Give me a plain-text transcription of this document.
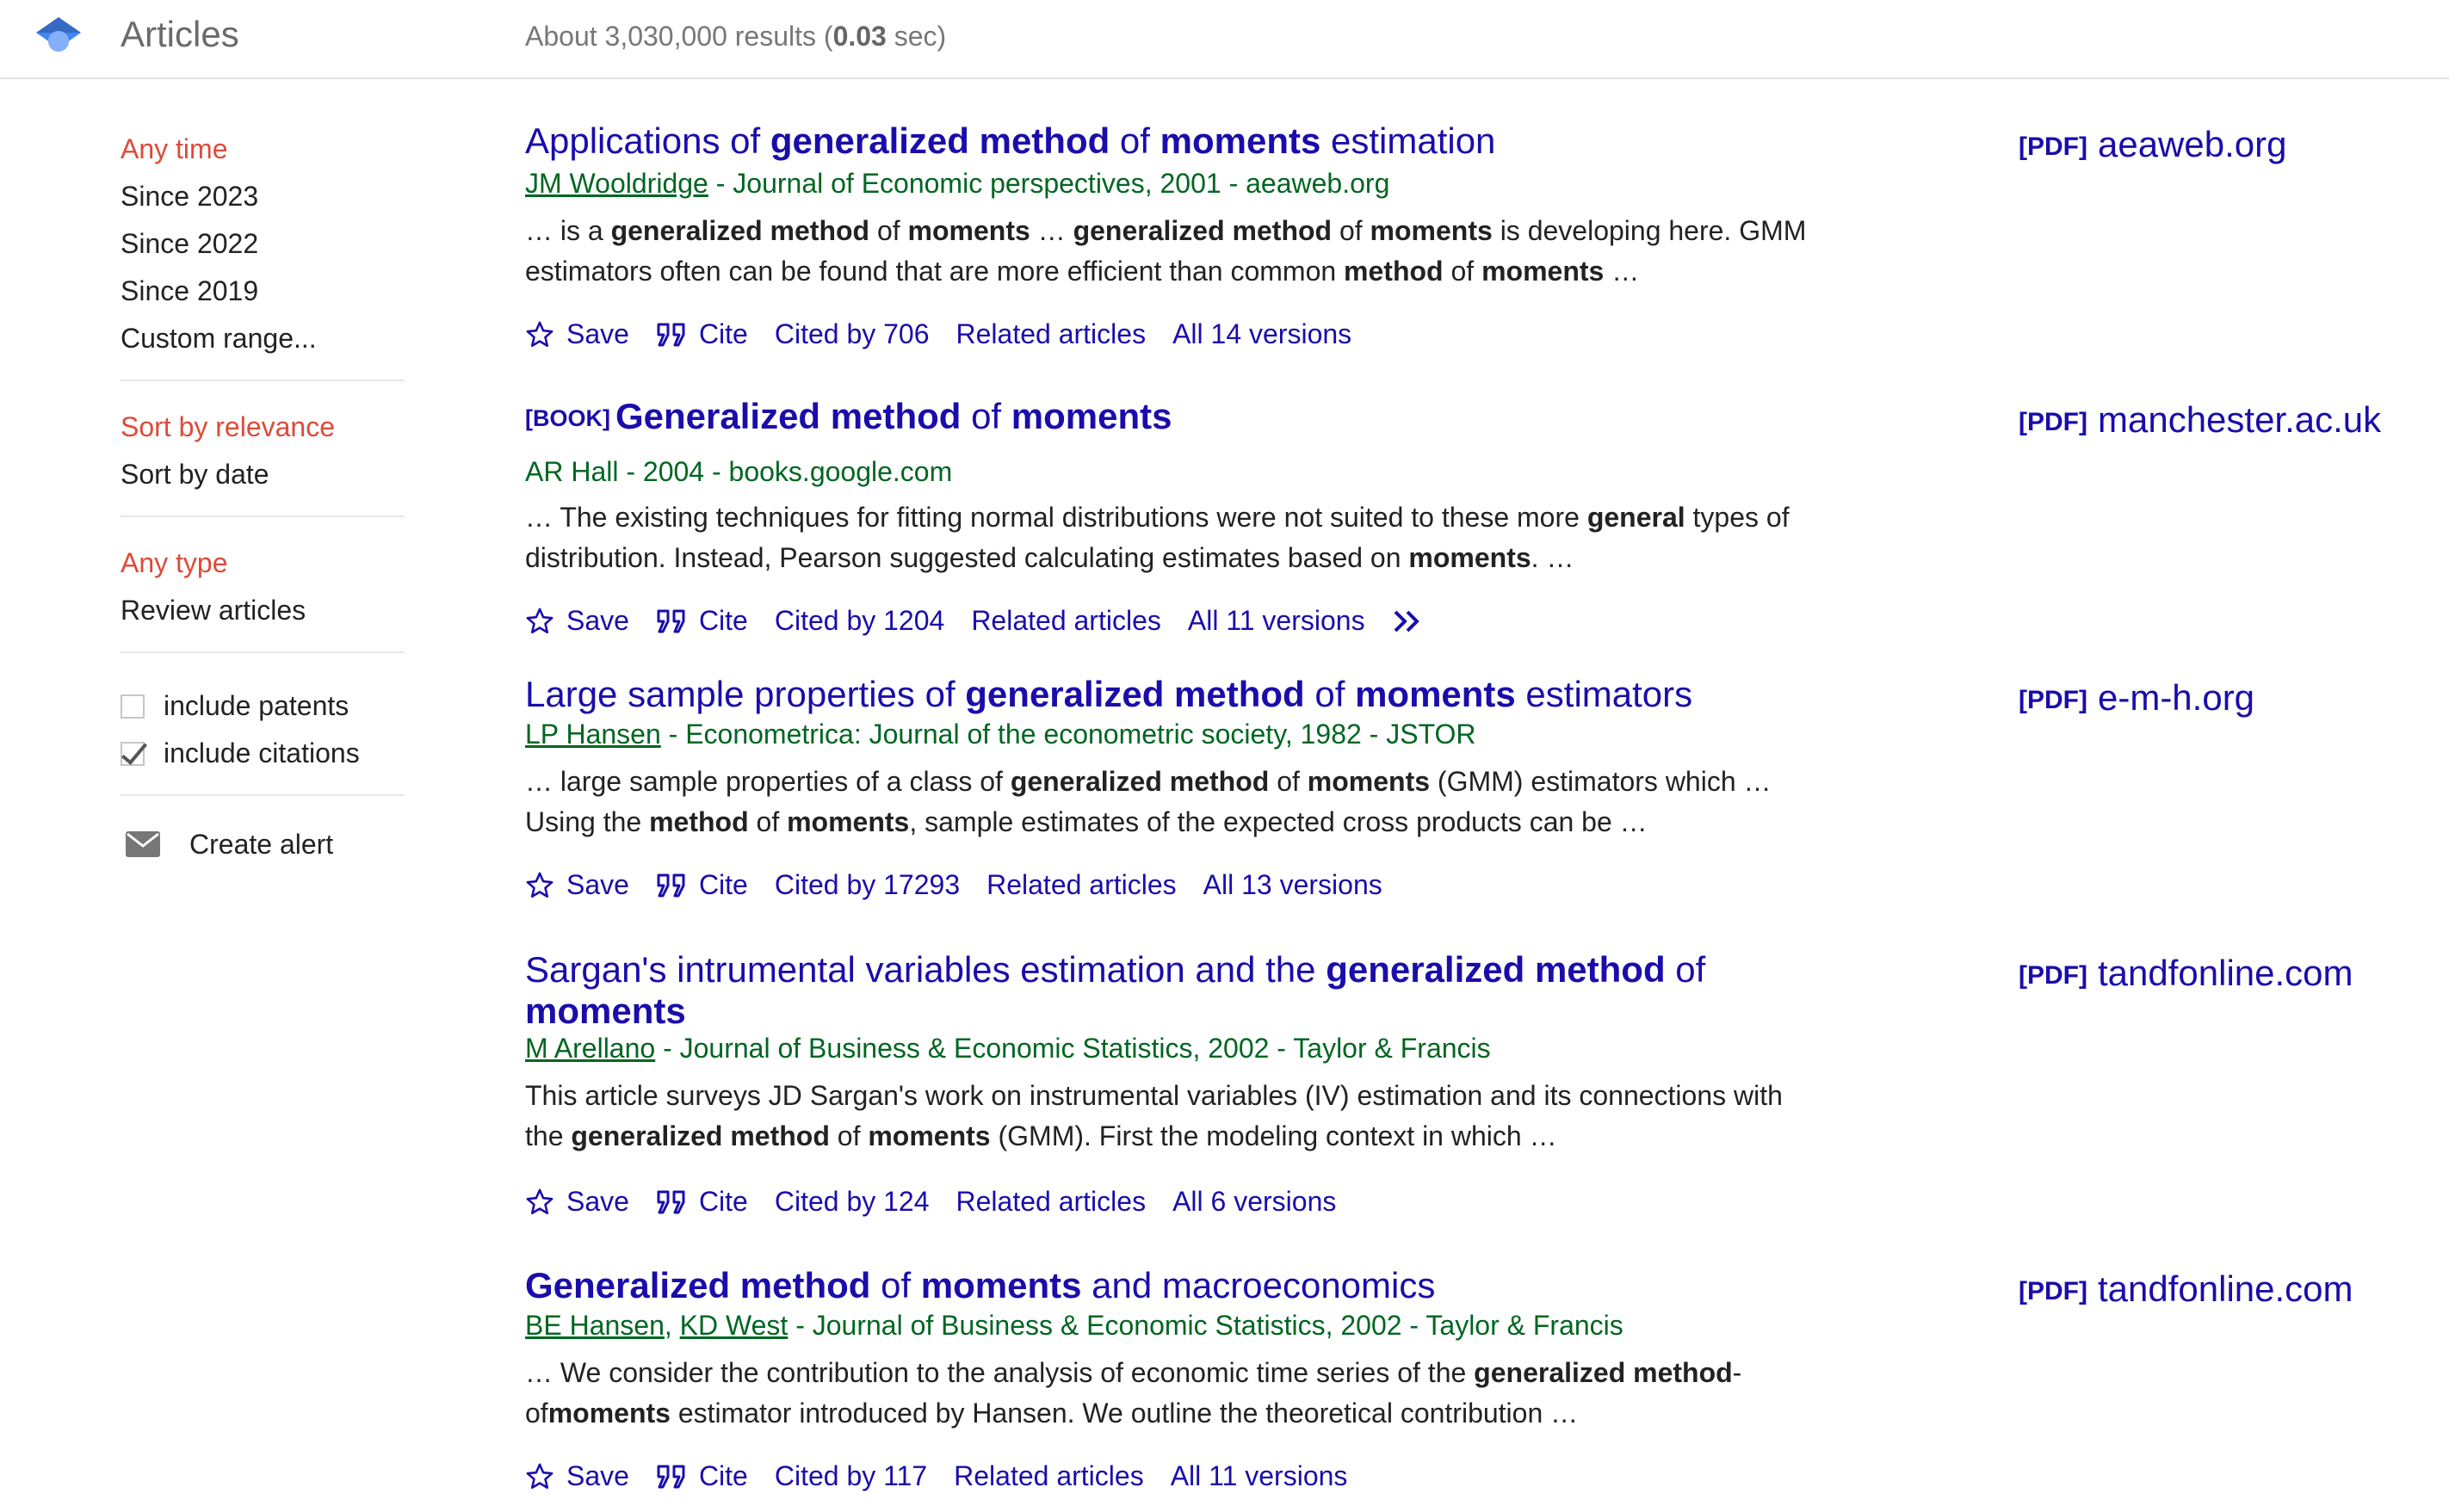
Articles	About 3,030,000 results (0.03 sec)
Any time
Since 2023
Since 2022
Since 2019
Custom range...
Sort by relevance
Sort by date
Any type
Review articles
include patents
include citations
Create alert
Applications of generalized method of moments estimation
JM Wooldridge - Journal of Economic perspectives, 2001 - aeaweb.org
… is a generalized method of moments … generalized method of moments is developing here. GMM estimators often can be found that are more efficient than common method of moments …
Save	Cite Cited by 706 Related articles All 14 versions
[PDF] aeaweb.org
[BOOK] Generalized method of moments
AR Hall - 2004 - books.google.com
… The existing techniques for fitting normal distributions were not suited to these more general types of distribution. Instead, Pearson suggested calculating estimates based on moments. …
Save	Cite Cited by 1204 Related articles All 11 versions
[PDF] manchester.ac.uk
Large sample properties of generalized method of moments estimators
LP Hansen - Econometrica: Journal of the econometric society, 1982 - JSTOR
… large sample properties of a class of generalized method of moments (GMM) estimators which … Using the method of moments, sample estimates of the expected cross products can be …
Save	Cite Cited by 17293 Related articles All 13 versions
[PDF] e-m-h.org
Sargan's intrumental variables estimation and the generalized method of moments
M Arellano - Journal of Business & Economic Statistics, 2002 - Taylor & Francis
This article surveys JD Sargan's work on instrumental variables (IV) estimation and its connections with the generalized method of moments (GMM). First the modeling context in which …
Save	Cite Cited by 124 Related articles All 6 versions
[PDF] tandfonline.com
Generalized method of moments and macroeconomics
BE Hansen, KD West - Journal of Business & Economic Statistics, 2002 - Taylor & Francis
… We consider the contribution to the analysis of economic time series of the generalized method-ofmoments estimator introduced by Hansen. We outline the theoretical contribution …
Save	Cite Cited by 117 Related articles All 11 versions
[PDF] tandfonline.com
